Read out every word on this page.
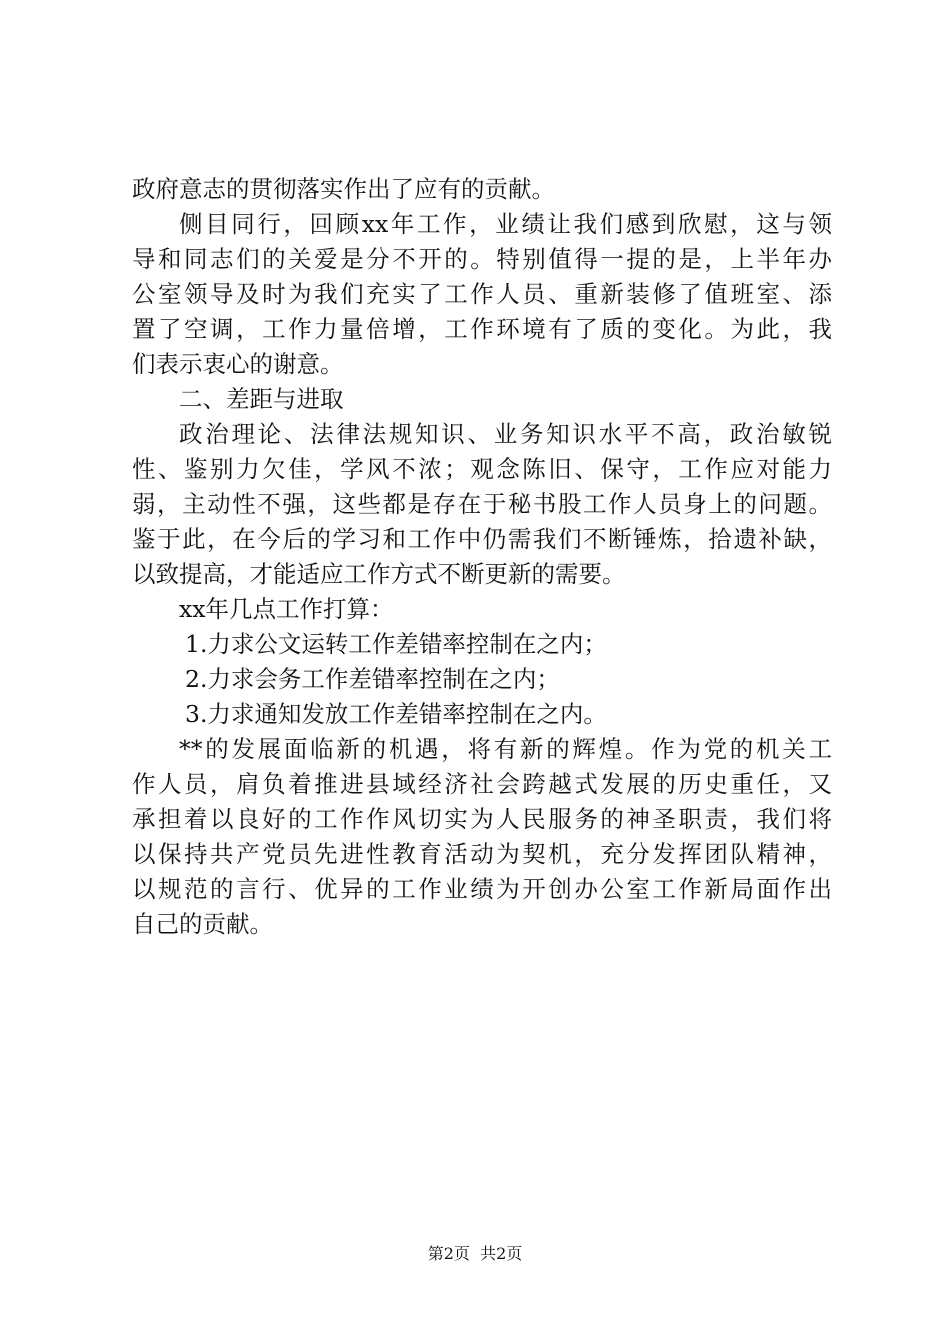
政府意志的贯彻落实作出了应有的贡献。
侧目同行，回顾xx年工作，业绩让我们感到欣慰，这与领
导和同志们的关爱是分不开的。特别值得一提的是，上半年办
公室领导及时为我们充实了工作人员、重新装修了值班室、添
置了空调，工作力量倍增，工作环境有了质的变化。为此，我
们表示衷心的谢意。
二、差距与进取
政治理论、法律法规知识、业务知识水平不高，政治敏锐
性、鉴别力欠佳，学风不浓；观念陈旧、保守，工作应对能力
弱，主动性不强，这些都是存在于秘书股工作人员身上的问题。
鉴于此，在今后的学习和工作中仍需我们不断锤炼，拾遗补缺，
以致提高，才能适应工作方式不断更新的需要。
xx年几点工作打算：
1.力求公文运转工作差错率控制在之内；
2.力求会务工作差错率控制在之内；
3.力求通知发放工作差错率控制在之内。
**的发展面临新的机遇，将有新的辉煌。作为党的机关工
作人员，肩负着推进县域经济社会跨越式发展的历史重任，又
承担着以良好的工作作风切实为人民服务的神圣职责，我们将
以保持共产党员先进性教育活动为契机，充分发挥团队精神，
以规范的言行、优异的工作业绩为开创办公室工作新局面作出
自己的贡献。
第2页  共2页
